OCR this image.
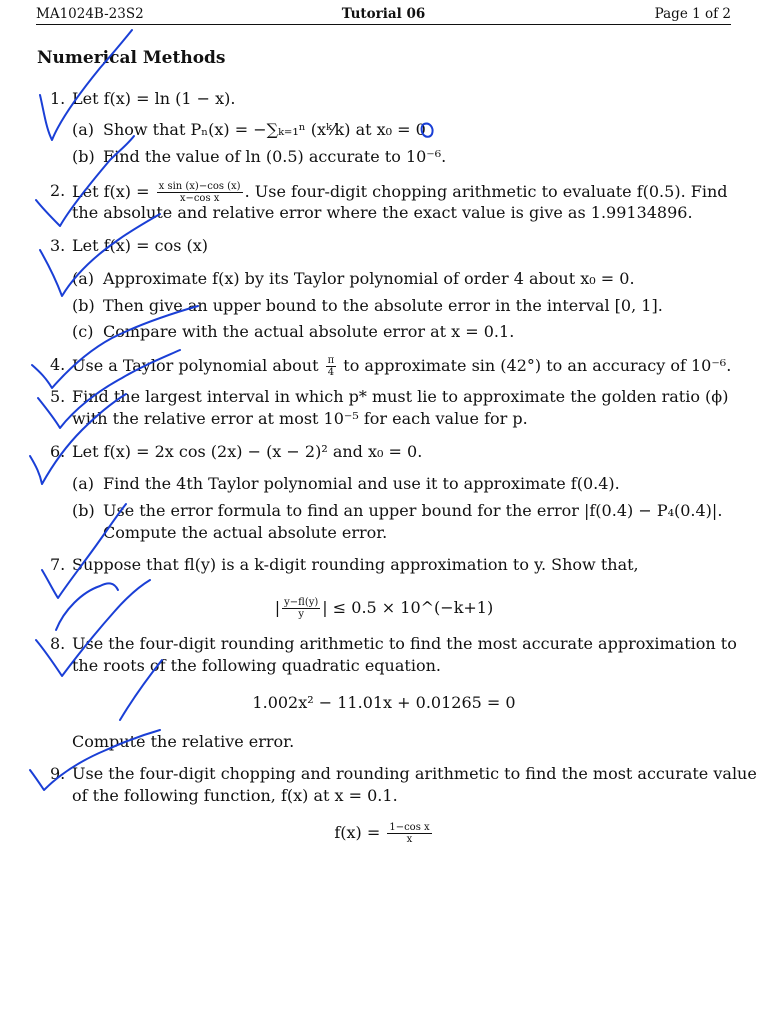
MA1024B-23S2	Tutorial 06	Page 1 of 2
Numerical Methods
1. Let f(x) = ln (1 − x).
(a) Show that Pₙ(x) = −∑ₖ₌₁ⁿ (xᵏ⁄k) at x₀ = 0
(b) Find the value of ln (0.5) accurate to 10⁻⁶.
2. Let $f(x) = \frac{\text{x sin (x)−cos (x)}}{\text{x−cos x}}$ . Use four-digit chopping arithmetic to evaluate f(0.5). Find
the absolute and relative error where the exact value is give as 1.99134896.
3. Let f(x) = cos (x)
(a) Approximate f(x) by its Taylor polynomial of order 4 about x₀ = 0.
(b) Then give an upper bound to the absolute error in the interval [0, 1].
(c) Compare with the actual absolute error at x = 0.1.
4. Use a Taylor polynomial about $\frac{\pi}{4}$ to approximate sin (42°) to an accuracy of 10⁻⁶.
5. Find the largest interval in which p* must lie to approximate the golden ratio (ϕ)
with the relative error at most 10⁻⁵ for each value for p.
6. Let f(x) = 2x cos (2x) − (x − 2)² and x₀ = 0.
(a) Find the 4th Taylor polynomial and use it to approximate f(0.4).
(b) Use the error formula to find an upper bound for the error |f(0.4) − P₄(0.4)|.
Compute the actual absolute error.
7. Suppose that fl(y) is a k-digit rounding approximation to y. Show that,
| $\frac{y-fl(y)}{y}$ | ≤ 0.5 × 10^(−k+1)
8. Use the four-digit rounding arithmetic to find the most accurate approximation to
the roots of the following quadratic equation.
1.002x² − 11.01x + 0.01265 = 0
Compute the relative error.
9. Use the four-digit chopping and rounding arithmetic to find the most accurate value
of the following function, f(x) at x = 0.1.
$f(x) = \frac{\text{1−cos x}}{x}$
